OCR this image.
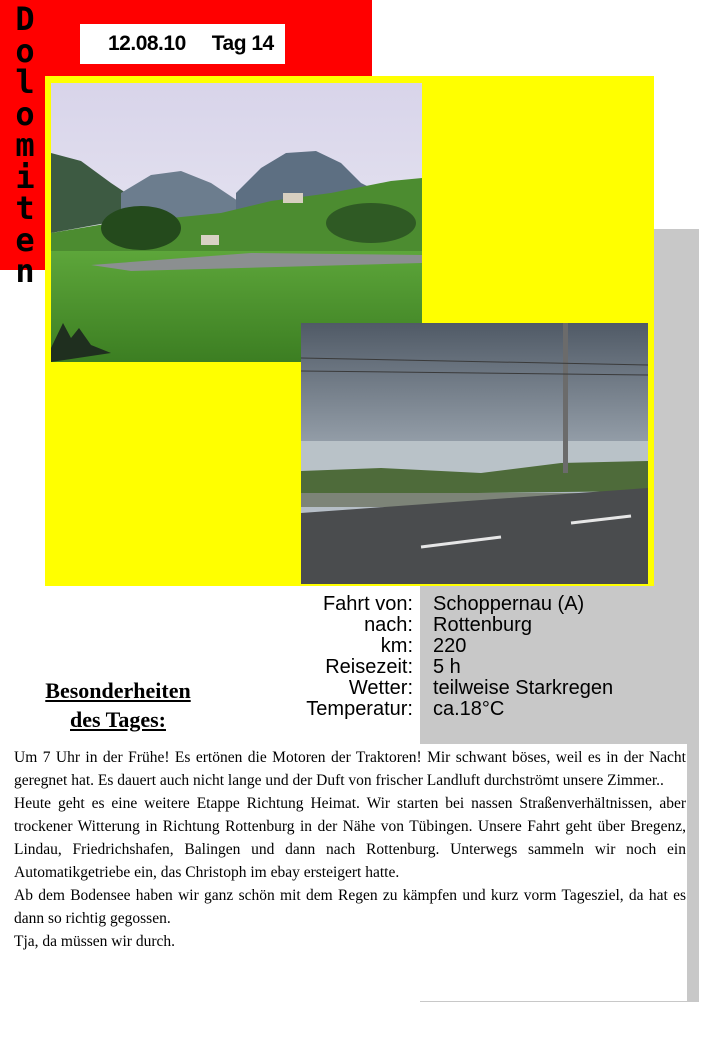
D
o
l
o
m
i
t
e
n
12.08.10 Tag 14
Fahrt von:
nach:
km:
Reisezeit:
Wetter:
Temperatur:
Schoppernau (A)
Rottenburg
220
5 h
teilweise Starkregen
ca.18°C
Besonderheiten
des Tages:

Um 7 Uhr in der Frühe! Es ertönen die Motoren der Traktoren! Mir schwant böses, weil es in der Nacht geregnet hat. Es dauert auch nicht lange und der Duft von frischer Landluft durchströmt unsere Zimmer..

Heute geht es eine weitere Etappe Richtung Heimat. Wir starten bei nassen Straßenverhältnissen, aber trockener Witterung in Richtung Rottenburg in der Nähe von Tübingen. Unsere Fahrt geht über Bregenz, Lindau, Friedrichshafen, Balingen und dann nach Rottenburg. Unterwegs sammeln wir noch ein Automatikgetriebe ein, das Christoph im ebay ersteigert hatte.

Ab dem Bodensee haben wir ganz schön mit dem Regen zu kämpfen und kurz vorm Tagesziel, da hat es dann so richtig gegossen.

Tja, da müssen wir durch.
